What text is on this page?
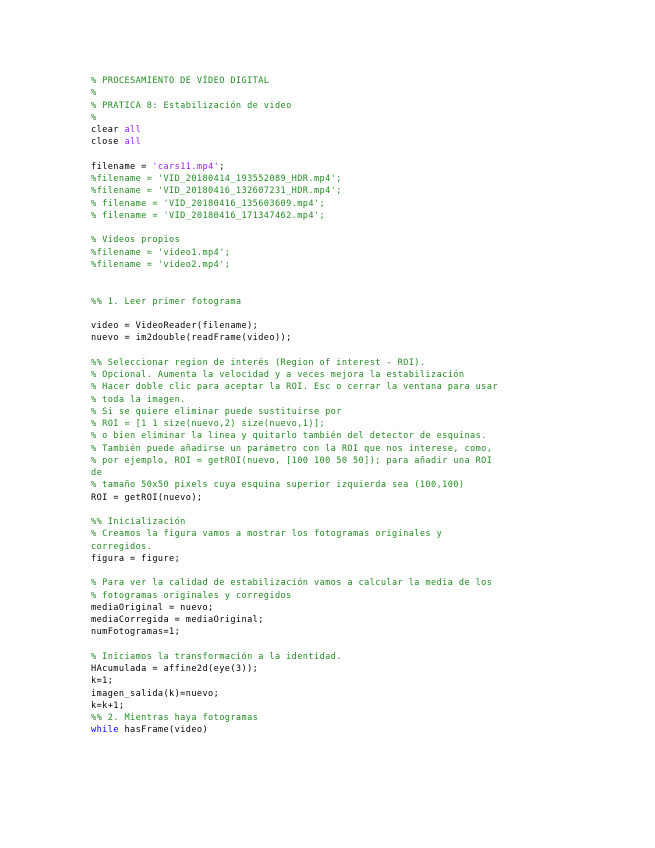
% PROCESAMIENTO DE VÍDEO DIGITAL
%
% PRATICA 8: Estabilización de video
%
clear all
close all
filename = 'cars11.mp4';
%filename = 'VID_20180414_193552089_HDR.mp4';
%filename = 'VID_20180416_132607231_HDR.mp4';
% filename = 'VID_20180416_135603609.mp4';
% filename = 'VID_20180416_171347462.mp4';
% Videos propios
%filename = 'video1.mp4';
%filename = 'video2.mp4';
%% 1. Leer primer fotograma
video = VideoReader(filename);
nuevo = im2double(readFrame(video));
%% Seleccionar region de interés (Region of interest - ROI).
% Opcional. Aumenta la velocidad y a veces mejora la estabilización
% Hacer doble clic para aceptar la ROI. Esc o cerrar la ventana para usar
% toda la imagen.
% Si se quiere eliminar puede sustituirse por
% ROI = [1 1 size(nuevo,2) size(nuevo,1)];
% o bien eliminar la linea y quitarlo también del detector de esquinas.
% También puede añadirse un parámetro con la ROI que nos interese, como,
% por ejemplo, ROI = getROI(nuevo, [100 100 50 50]); para añadir una ROI
de
% tamaño 50x50 pixels cuya esquina superior izquierda sea (100,100)
ROI = getROI(nuevo);
%% Inicialización
% Creamos la figura vamos a mostrar los fotogramas originales y
corregidos.
figura = figure;
% Para ver la calidad de estabilización vamos a calcular la media de los
% fotogramas originales y corregidos
mediaOriginal = nuevo;
mediaCorregida = mediaOriginal;
numFotogramas=1;
% Iniciamos la transformación a la identidad.
HAcumulada = affine2d(eye(3));
k=1;
imagen_salida(k)=nuevo;
k=k+1;
%% 2. Mientras haya fotogramas
while hasFrame(video)
